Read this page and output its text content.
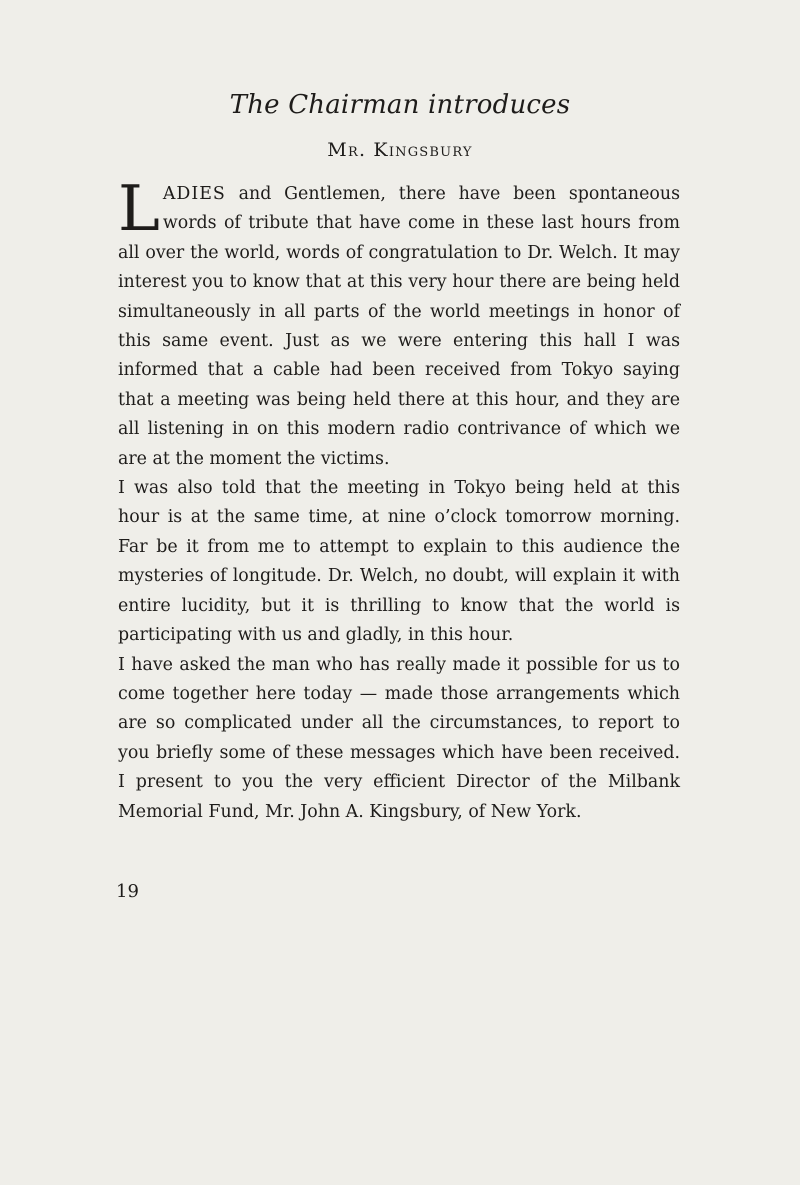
The Chairman introduces
Mr. Kingsbury

LADIES and Gentlemen, there have been spontaneous words of tribute that have come in these last hours from all over the world, words of congratulation to Dr. Welch. It may interest you to know that at this very hour there are being held simultaneously in all parts of the world meetings in honor of this same event. Just as we were entering this hall I was informed that a cable had been received from Tokyo saying that a meeting was being held there at this hour, and they are all listening in on this modern radio contrivance of which we are at the moment the victims.

I was also told that the meeting in Tokyo being held at this hour is at the same time, at nine o’clock tomorrow morning. Far be it from me to attempt to explain to this audience the mysteries of longitude. Dr. Welch, no doubt, will explain it with entire lucidity, but it is thrilling to know that the world is participating with us and gladly, in this hour.

I have asked the man who has really made it possible for us to come together here today — made those arrangements which are so complicated under all the circumstances, to report to you briefly some of these messages which have been received. I present to you the very efficient Director of the Milbank Memorial Fund, Mr. John A. Kingsbury, of New York.

19
